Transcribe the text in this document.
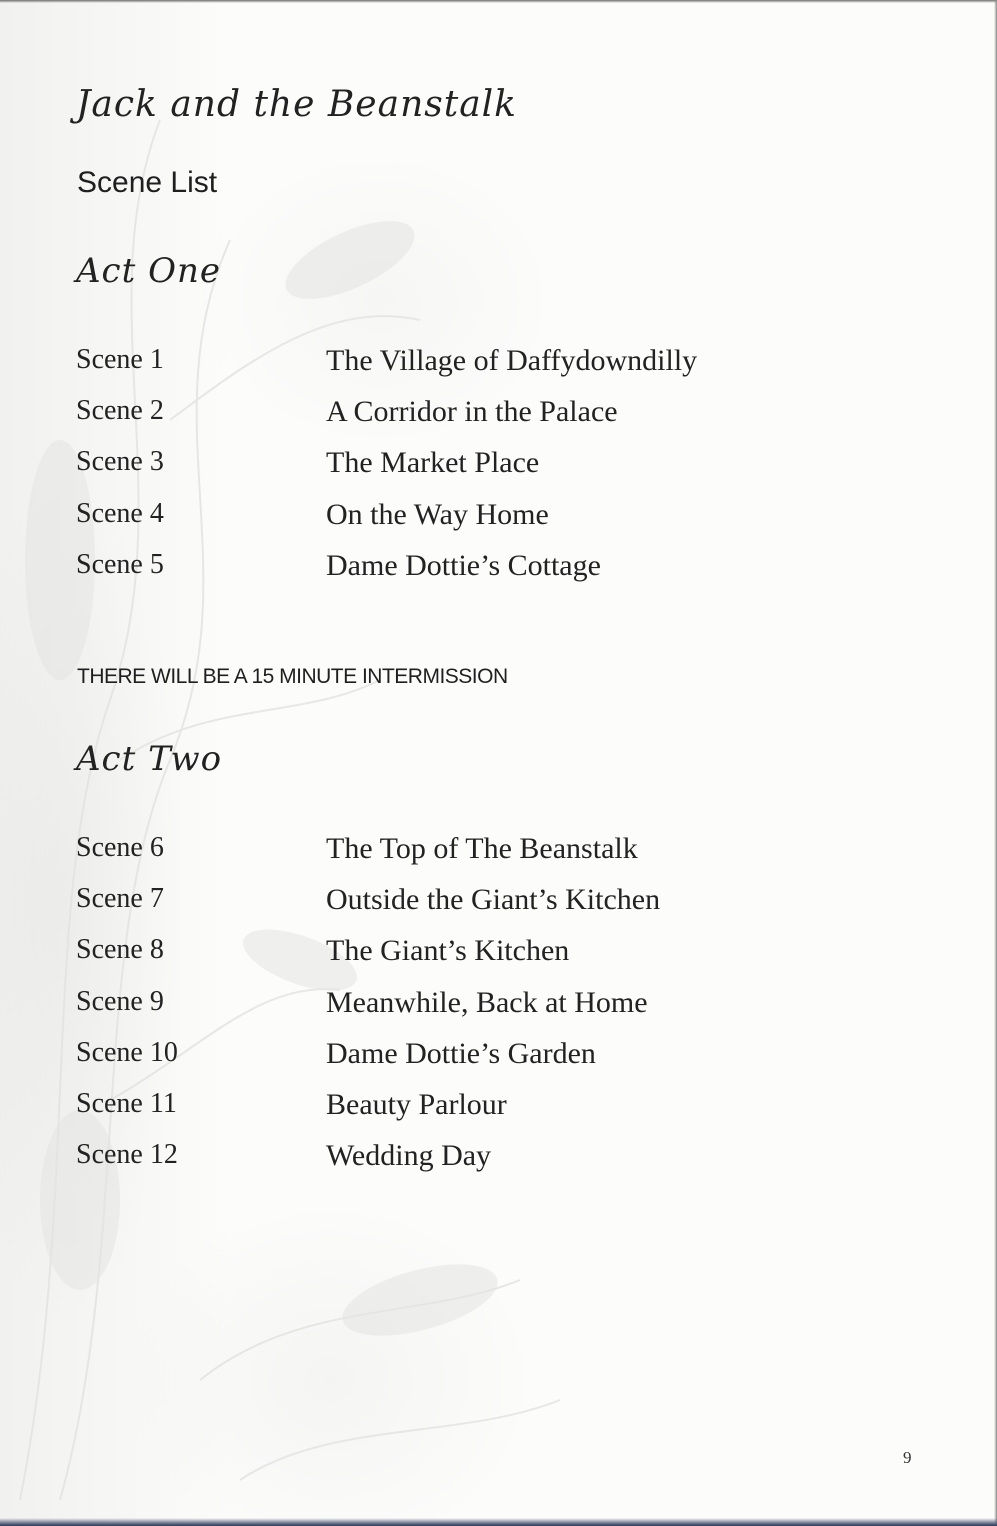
Jack and the Beanstalk
Scene List
Act One
Scene 1	The Village of Daffydowndilly
Scene 2	A Corridor in the Palace
Scene 3	The Market Place
Scene 4	On the Way Home
Scene 5	Dame Dottie’s Cottage
THERE WILL BE A 15 MINUTE INTERMISSION
Act Two
Scene 6	The Top of The Beanstalk
Scene 7	Outside the Giant’s Kitchen
Scene 8	The Giant’s Kitchen
Scene 9	Meanwhile, Back at Home
Scene 10	Dame Dottie’s Garden
Scene 11	Beauty Parlour
Scene 12	Wedding Day
9
